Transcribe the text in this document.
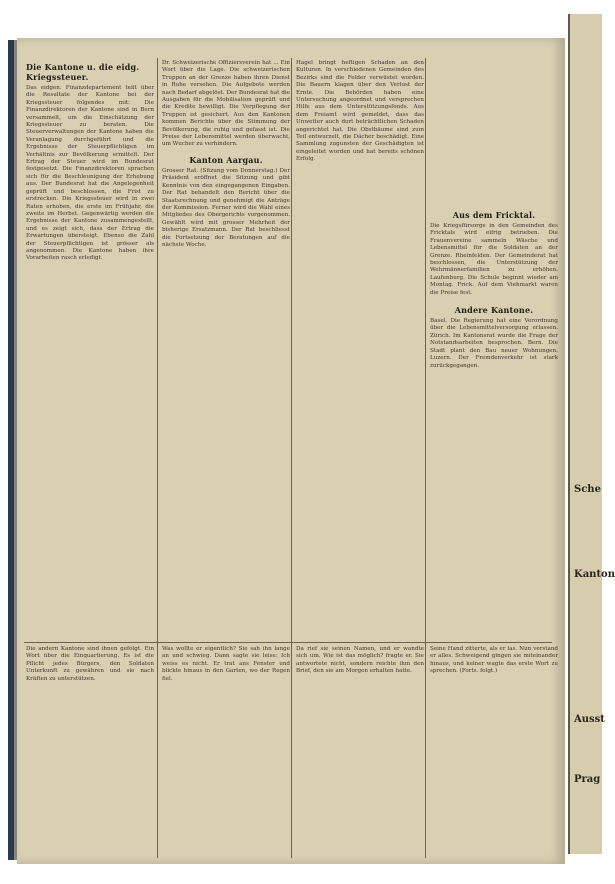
Sche
Kanton
Ausst
Prag
Die Kantone u. die eidg. Kriegssteuer.

Das eidgen. Finanzdepartement teilt über die Resultate der Kantone bei der Kriegssteuer folgendes mit: Die Finanzdirektoren der Kantone sind in Bern versammelt, um die Einschätzung der Kriegssteuer zu beraten. Die Steuerverwaltungen der Kantone haben die Veranlagung durchgeführt und die Ergebnisse der Steuerpflichtigen im Verhältnis zur Bevölkerung ermittelt. Der Ertrag der Steuer wird im Bundesrat festgesetzt. Die Finanzdirektoren sprachen sich für die Beschleunigung der Erhebung aus. Der Bundesrat hat die Angelegenheit geprüft und beschlossen, die Frist zu erstrecken. Die Kriegssteuer wird in zwei Raten erhoben, die erste im Frühjahr, die zweite im Herbst. Gegenwärtig werden die Ergebnisse der Kantone zusammengestellt, und es zeigt sich, dass der Ertrag die Erwartungen übersteigt. Ebenso die Zahl der Steuerpflichtigen ist grösser als angenommen. Die Kantone haben ihre Vorarbeiten rasch erledigt.

Dr. Schweizerische Offiziersverein hat ... Ein Wort über die Lage. Die schweizerischen Truppen an der Grenze haben ihren Dienst in Ruhe versehen. Die Aufgebote werden nach Bedarf abgelöst. Der Bundesrat hat die Ausgaben für die Mobilisation geprüft und die Kredite bewilligt. Die Verpflegung der Truppen ist gesichert. Aus den Kantonen kommen Berichte über die Stimmung der Bevölkerung, die ruhig und gefasst ist. Die Preise der Lebensmittel werden überwacht, um Wucher zu verhindern.

Kanton Aargau.

Grosser Rat. (Sitzung vom Donnerstag.) Der Präsident eröffnet die Sitzung und gibt Kenntnis von den eingegangenen Eingaben. Der Rat behandelt den Bericht über die Staatsrechnung und genehmigt die Anträge der Kommission. Ferner wird die Wahl eines Mitgliedes des Obergerichts vorgenommen. Gewählt wird mit grosser Mehrheit der bisherige Ersatzmann. Der Rat beschliesst die Fortsetzung der Beratungen auf die nächste Woche.

Hagel bringt heftigen Schaden an den Kulturen. In verschiedenen Gemeinden des Bezirks sind die Felder verwüstet worden. Die Bauern klagen über den Verlust der Ernte. Die Behörden haben eine Untersuchung angeordnet und versprechen Hilfe aus dem Unterstützungsfonds. Aus dem Freiamt wird gemeldet, dass das Unwetter auch dort beträchtlichen Schaden angerichtet hat. Die Obstbäume sind zum Teil entwurzelt, die Dächer beschädigt. Eine Sammlung zugunsten der Geschädigten ist eingeleitet worden und hat bereits schönen Erfolg.

Aus dem Fricktal.

Die Kriegsfürsorge in den Gemeinden des Fricktals wird eifrig betrieben. Die Frauenvereine sammeln Wäsche und Lebensmittel für die Soldaten an der Grenze. Rheinfelden. Der Gemeinderat hat beschlossen, die Unterstützung der Wehrmännerfamilien zu erhöhen. Laufenburg. Die Schule beginnt wieder am Montag. Frick. Auf dem Viehmarkt waren die Preise fest.

Andere Kantone.

Basel. Die Regierung hat eine Verordnung über die Lebensmittelversorgung erlassen. Zürich. Im Kantonsrat wurde die Frage der Notstandsarbeiten besprochen. Bern. Die Stadt plant den Bau neuer Wohnungen. Luzern. Der Fremdenverkehr ist stark zurückgegangen.

Die andern Kantone sind ihnen gefolgt. Ein Wort über die Einquartierung. Es ist die Pflicht jedes Bürgers, den Soldaten Unterkunft zu gewähren und sie nach Kräften zu unterstützen.

Was wollte er eigentlich? Sie sah ihn lange an und schwieg. Dann sagte sie leise: Ich weiss es nicht. Er trat ans Fenster und blickte hinaus in den Garten, wo der Regen fiel.

Da rief sie seinen Namen, und er wandte sich um. Wie ist das möglich? fragte er. Sie antwortete nicht, sondern reichte ihm den Brief, den sie am Morgen erhalten hatte.

Seine Hand zitterte, als er las. Nun verstand er alles. Schweigend gingen sie miteinander hinaus, und keiner wagte das erste Wort zu sprechen. (Forts. folgt.)
